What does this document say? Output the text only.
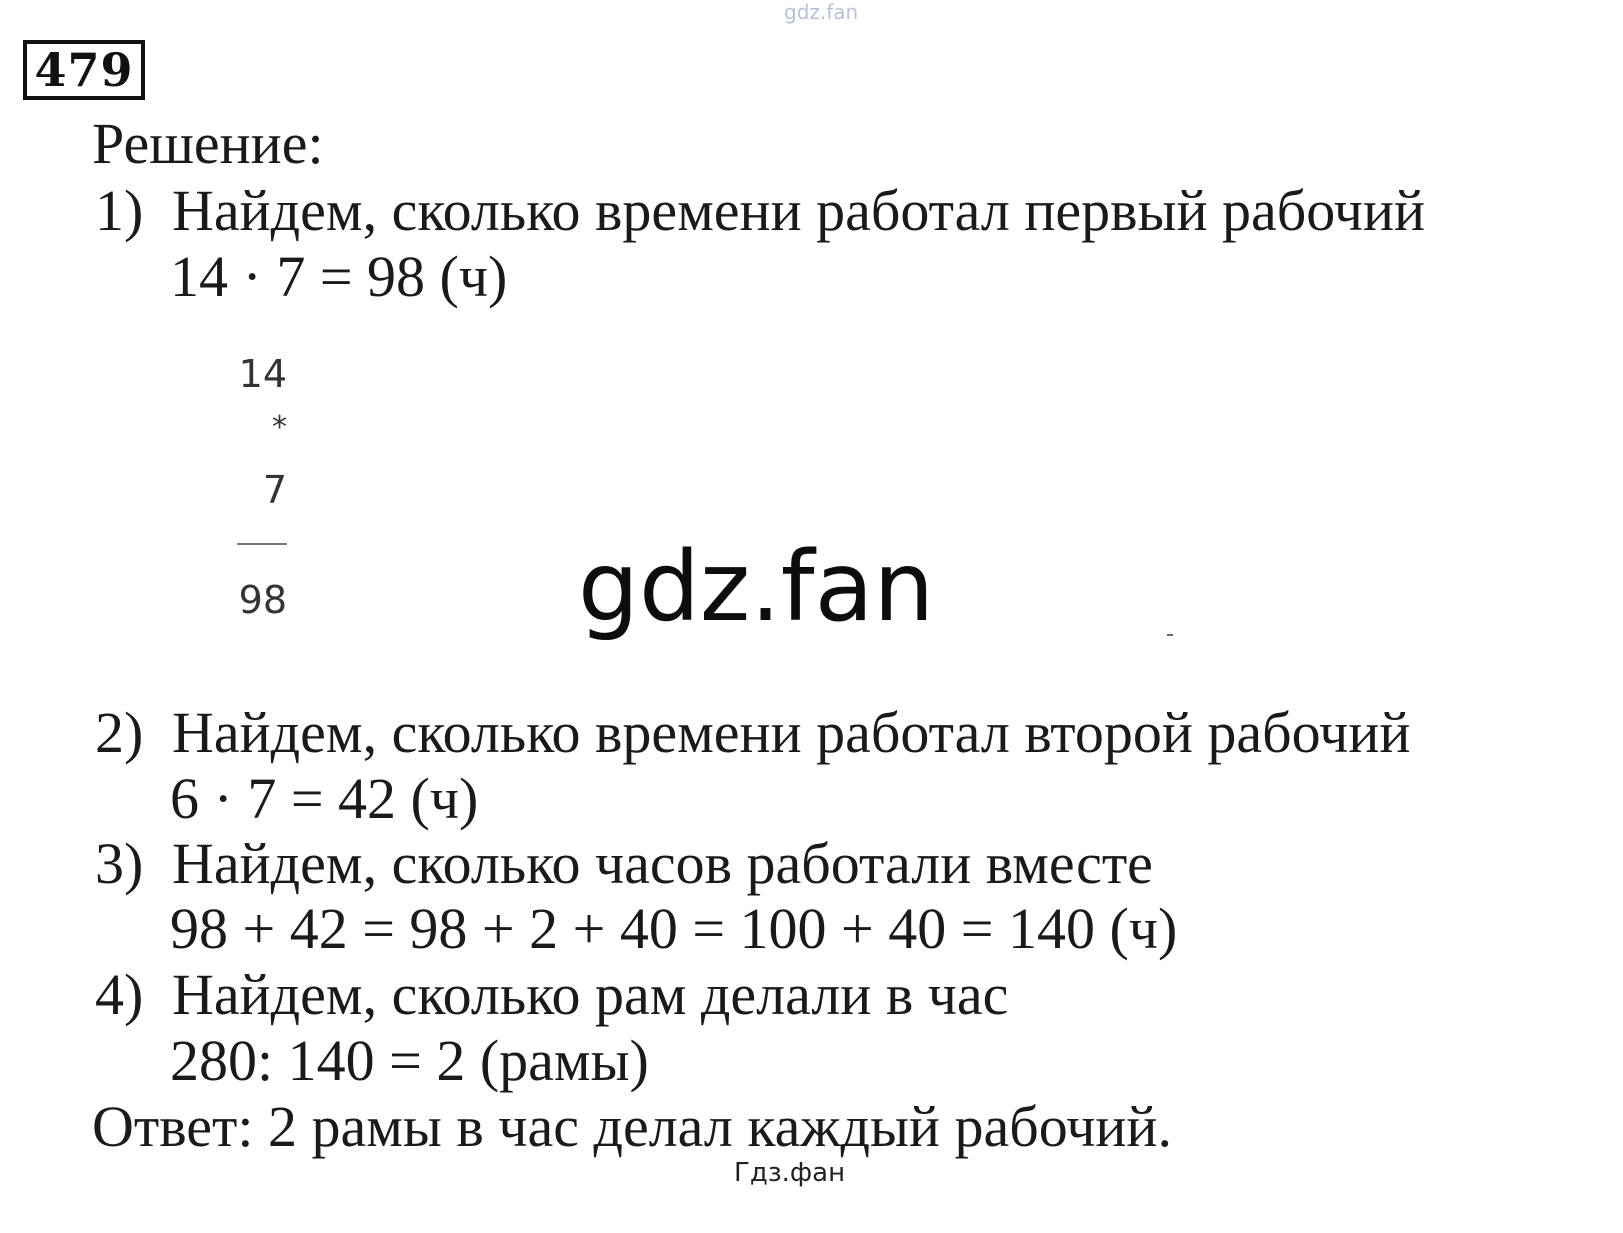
gdz.fan
479
Решение:
1) Найдем, сколько времени работал первый рабочий
14 · 7 = 98 (ч)
14
*
7
98	gdz.fan
2) Найдем, сколько времени работал второй рабочий
6 · 7 = 42 (ч)
3) Найдем, сколько часов работали вместе
98 + 42 = 98 + 2 + 40 = 100 + 40 = 140 (ч)
4) Найдем, сколько рам делали в час
280: 140 = 2 (рамы)
Ответ: 2 рамы в час делал каждый рабочий.
Гдз.фан
